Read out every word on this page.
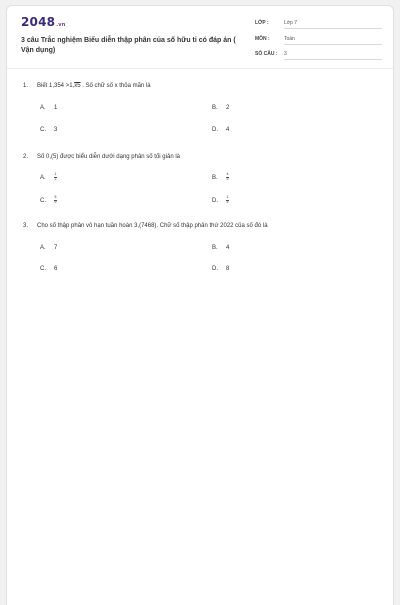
2048.vn
3 câu Trắc nghiệm Biểu diễn thập phân của số hữu tỉ có đáp án ( Vận dụng)
LỚP :	Lớp 7
MÔN :	Toán
SỐ CÂU : 3
1. Biết 1,354 >1,x5 . Số chữ số x thỏa mãn là
A. 1	B. 2
C. 3	D. 4
2. Số 0,(5) được biểu diễn dưới dạng phân số tối giản là
A. $\frac{1}{2}$	B. $\frac{4}{9}$
C. $\frac{5}{9}$	D. $\frac{1}{5}$
3. Cho số thập phân vô hạn tuần hoàn 3,(7468). Chữ số thập phân thứ 2022 của số đó là
A. 7	B. 4
C. 6	D. 8
